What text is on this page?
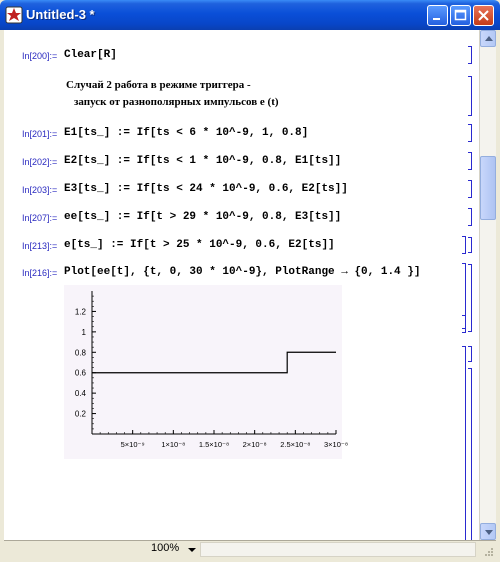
Untitled-3 *
In[200]:= Clear[R]
Случай 2 работа в режиме триггера -
запуск от разнополярных импульсов e (t)
In[201]:= E1[ts_] := If[ts < 6 * 10^-9, 1, 0.8]
In[202]:= E2[ts_] := If[ts < 1 * 10^-9, 0.8, E1[ts]]
In[203]:= E3[ts_] := If[ts < 24 * 10^-9, 0.6, E2[ts]]
In[207]:= ee[ts_] := If[t > 29 * 10^-9, 0.8, E3[ts]]
In[213]:= e[ts_] := If[t > 25 * 10^-9, 0.6, E2[ts]]
In[216]:= Plot[ee[t], {t, 0, 30 * 10^-9}, PlotRange → {0, 1.4 }]
0.2
0.4
0.6
0.8
1
1.2
5×10⁻⁹ 1×10⁻⁸ 1.5×10⁻⁸ 2×10⁻⁸ 2.5×10⁻⁸ 3×10⁻⁸
100%
